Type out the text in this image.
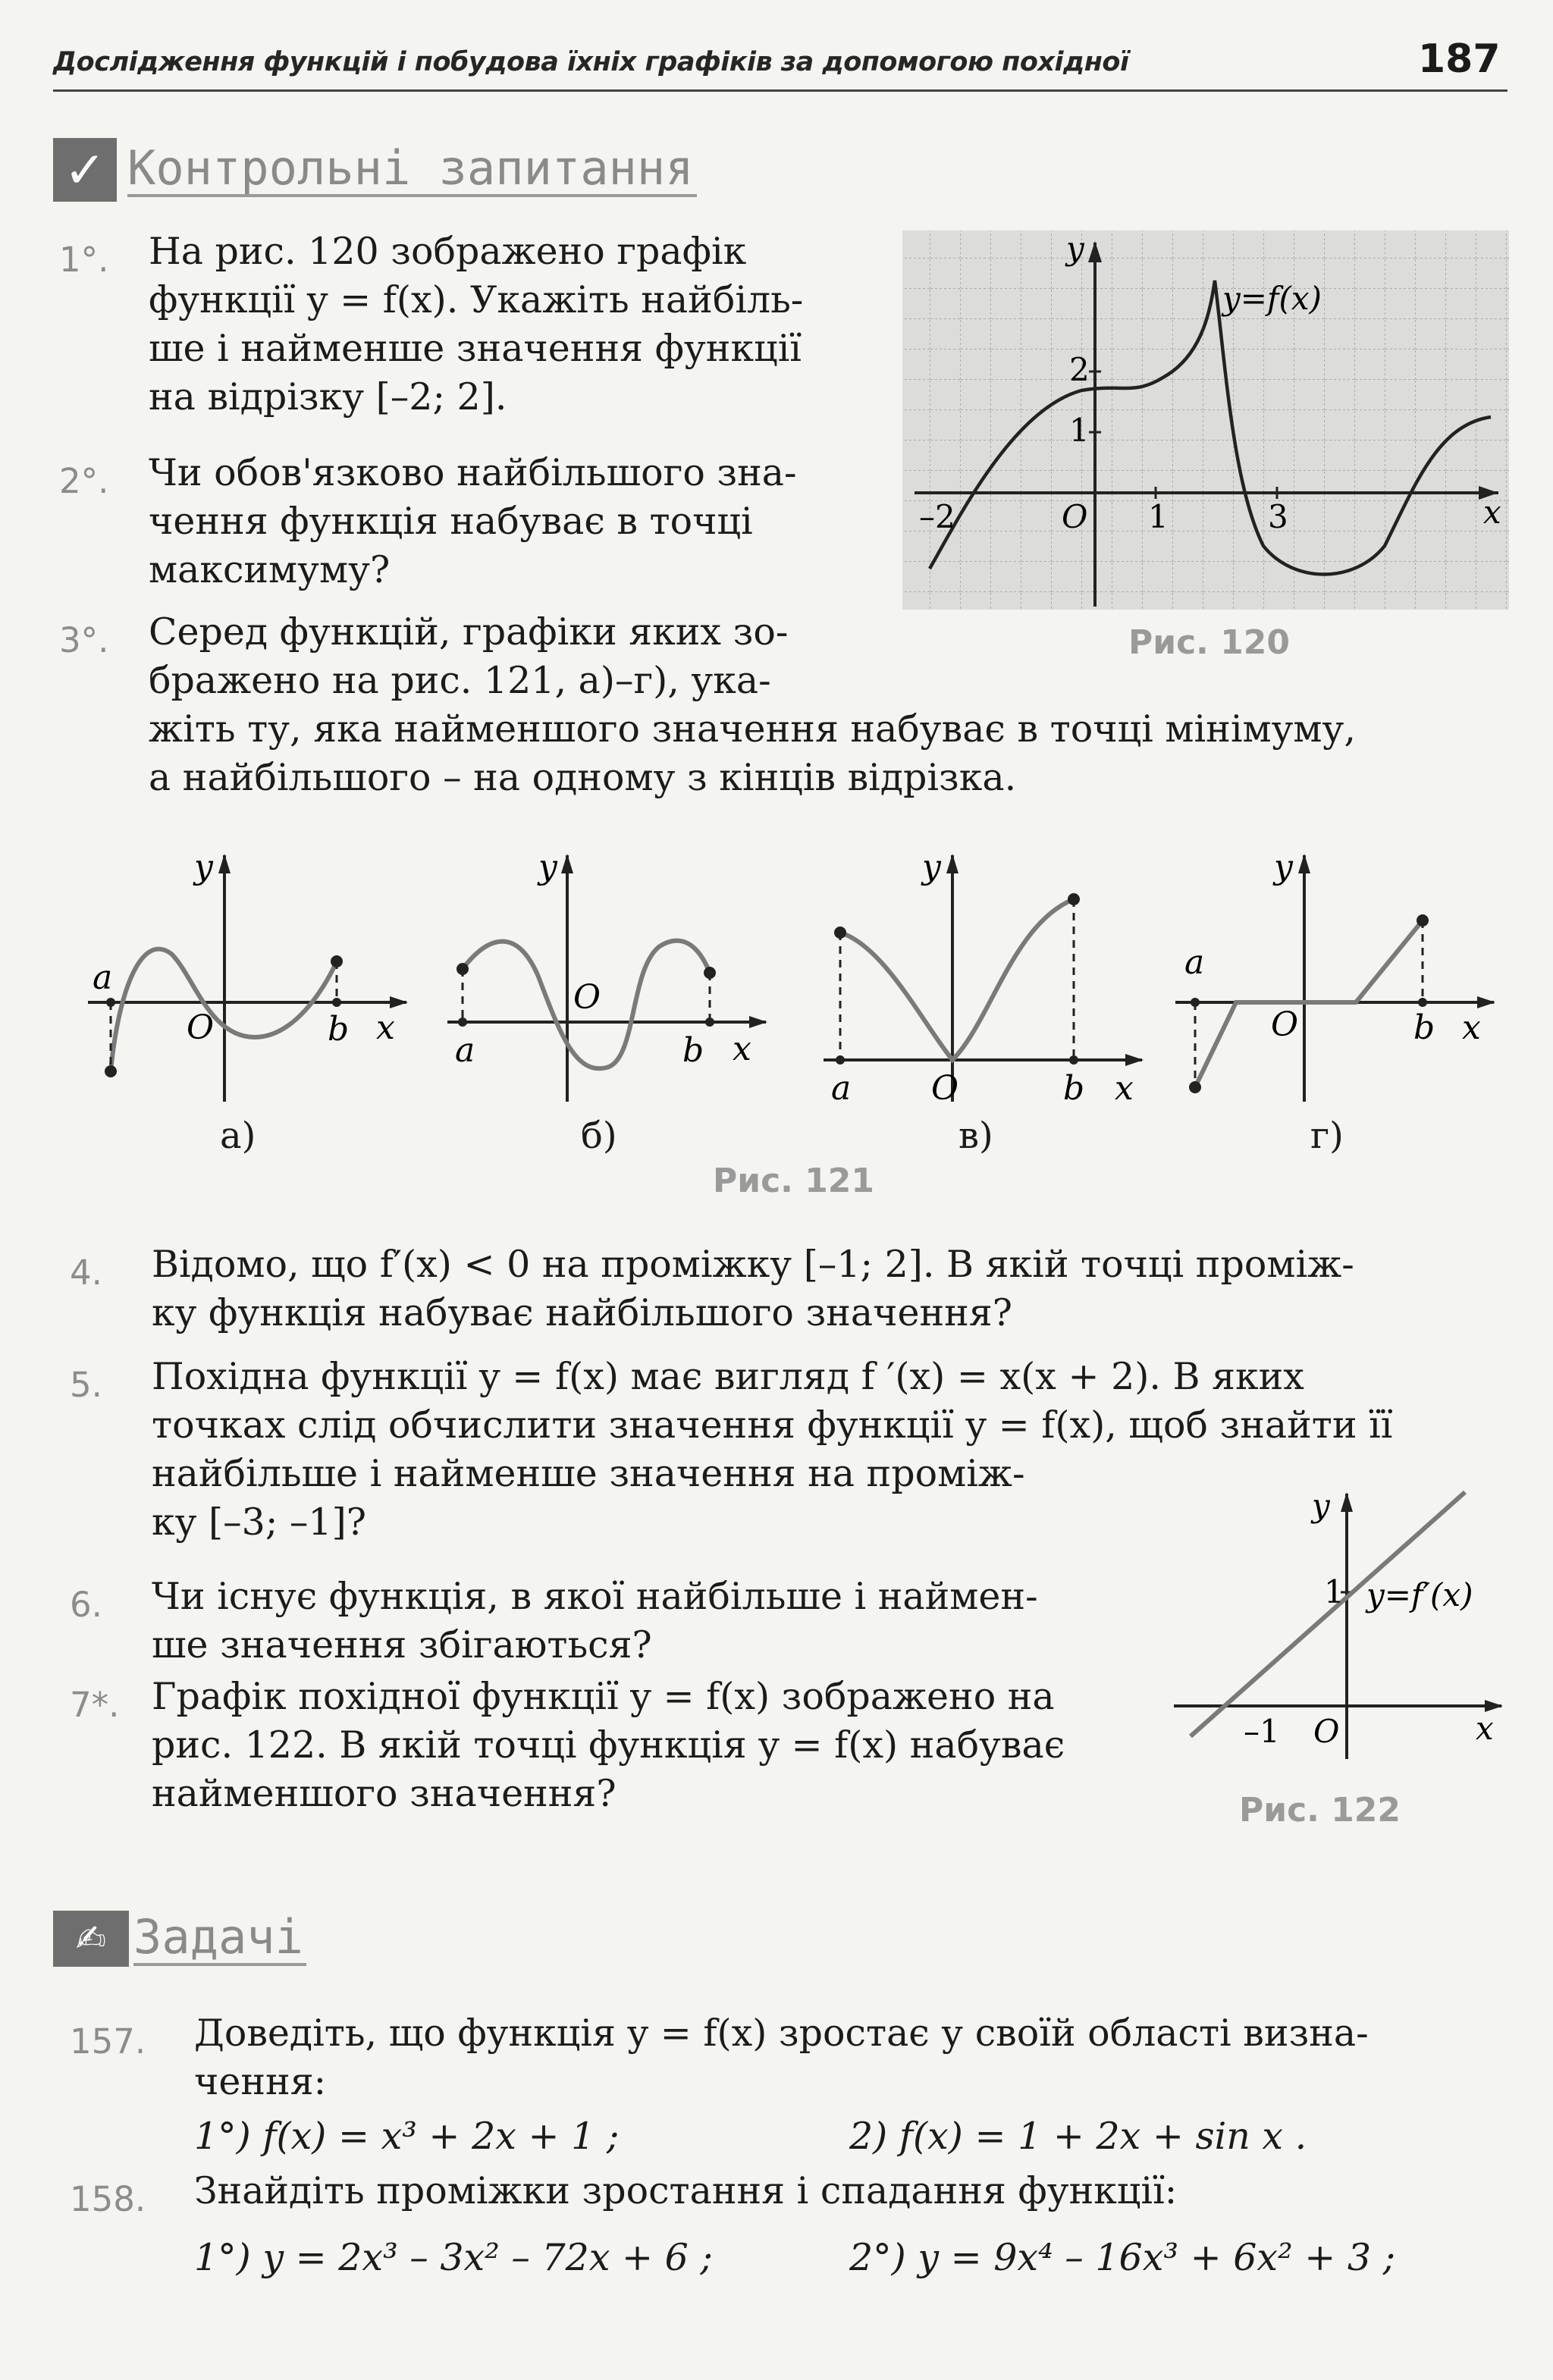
Дослідження функцій і побудова їхніх графіків за допомогою похідної	187
✓ Контрольні запитання
1°. На рис. 120 зображено графік
функції y = f(x). Укажіть найбіль-
ше і найменше значення функції
на відрізку [–2; 2].
2°. Чи обов'язково найбільшого зна-
чення функція набуває в точці
максимуму?
3°. Серед функцій, графіки яких зо-
бражено на рис. 121, а)–г), ука-
жіть ту, яка найменшого значення набуває в точці мінімуму,
а найбільшого – на одному з кінців відрізка.
y=f(x)
y
x
–2	O 1	3
1
2
Рис. 120
a
b
O	x
y
а)
a	b
O
x
y
б)
a	b
O	x
y
в)
a
b
O	x
y
г)
Рис. 121
4. Відомо, що f′(x) < 0 на проміжку [–1; 2]. В якій точці проміж-
ку функція набуває найбільшого значення?
5. Похідна функції y = f(x) має вигляд f ′(x) = x(x + 2). В яких
точках слід обчислити значення функції y = f(x), щоб знайти її
найбільше і найменше значення на проміж-
ку [–3; –1]?
6. Чи існує функція, в якої найбільше і наймен-
ше значення збігаються?
7*. Графік похідної функції y = f(x) зображено на
рис. 122. В якій точці функція y = f(x) набуває
найменшого значення?
y=f′(x)
y
x
–1 O
1
Рис. 122
✍ Задачі
157. Доведіть, що функція y = f(x) зростає у своїй області визна-
чення:
1°) f(x) = x³ + 2x + 1 ;	2) f(x) = 1 + 2x + sin x .
158. Знайдіть проміжки зростання і спадання функції:
1°) y = 2x³ – 3x² – 72x + 6 ;	2°) y = 9x⁴ – 16x³ + 6x² + 3 ;
